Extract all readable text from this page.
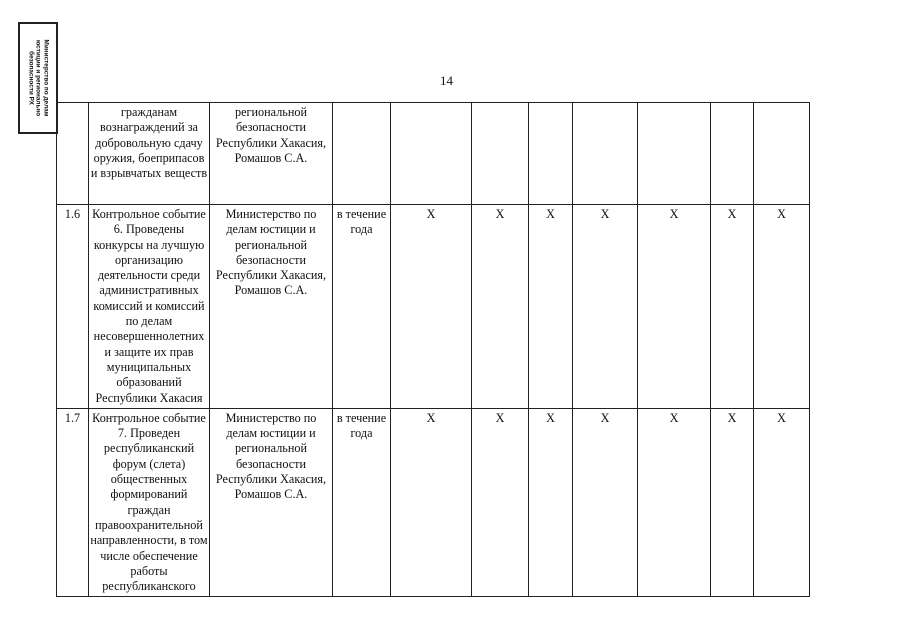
14
Министерство по делам юстиции и регионально безопасности РХ
	гражданам вознаграждений за добровольную сдачу оружия, боеприпасов и взрывчатых веществ	региональной безопасности Республики Хакасия, Ромашов С.А.								
1.6	Контрольное событие 6. Проведены конкурсы на лучшую организацию деятельности среди административных комиссий и комиссий по делам несовершеннолетних и защите их прав муниципальных образований Республики Хакасия	Министерство по делам юстиции и региональной безопасности Республики Хакасия, Ромашов С.А.	в течение года	X	X	X	X	X	X	X
1.7	Контрольное событие 7. Проведен республиканский форум (слета) общественных формирований граждан правоохранительной направленности, в том числе обеспечение работы республиканского	Министерство по делам юстиции и региональной безопасности Республики Хакасия, Ромашов С.А.	в течение года	X	X	X	X	X	X	X
